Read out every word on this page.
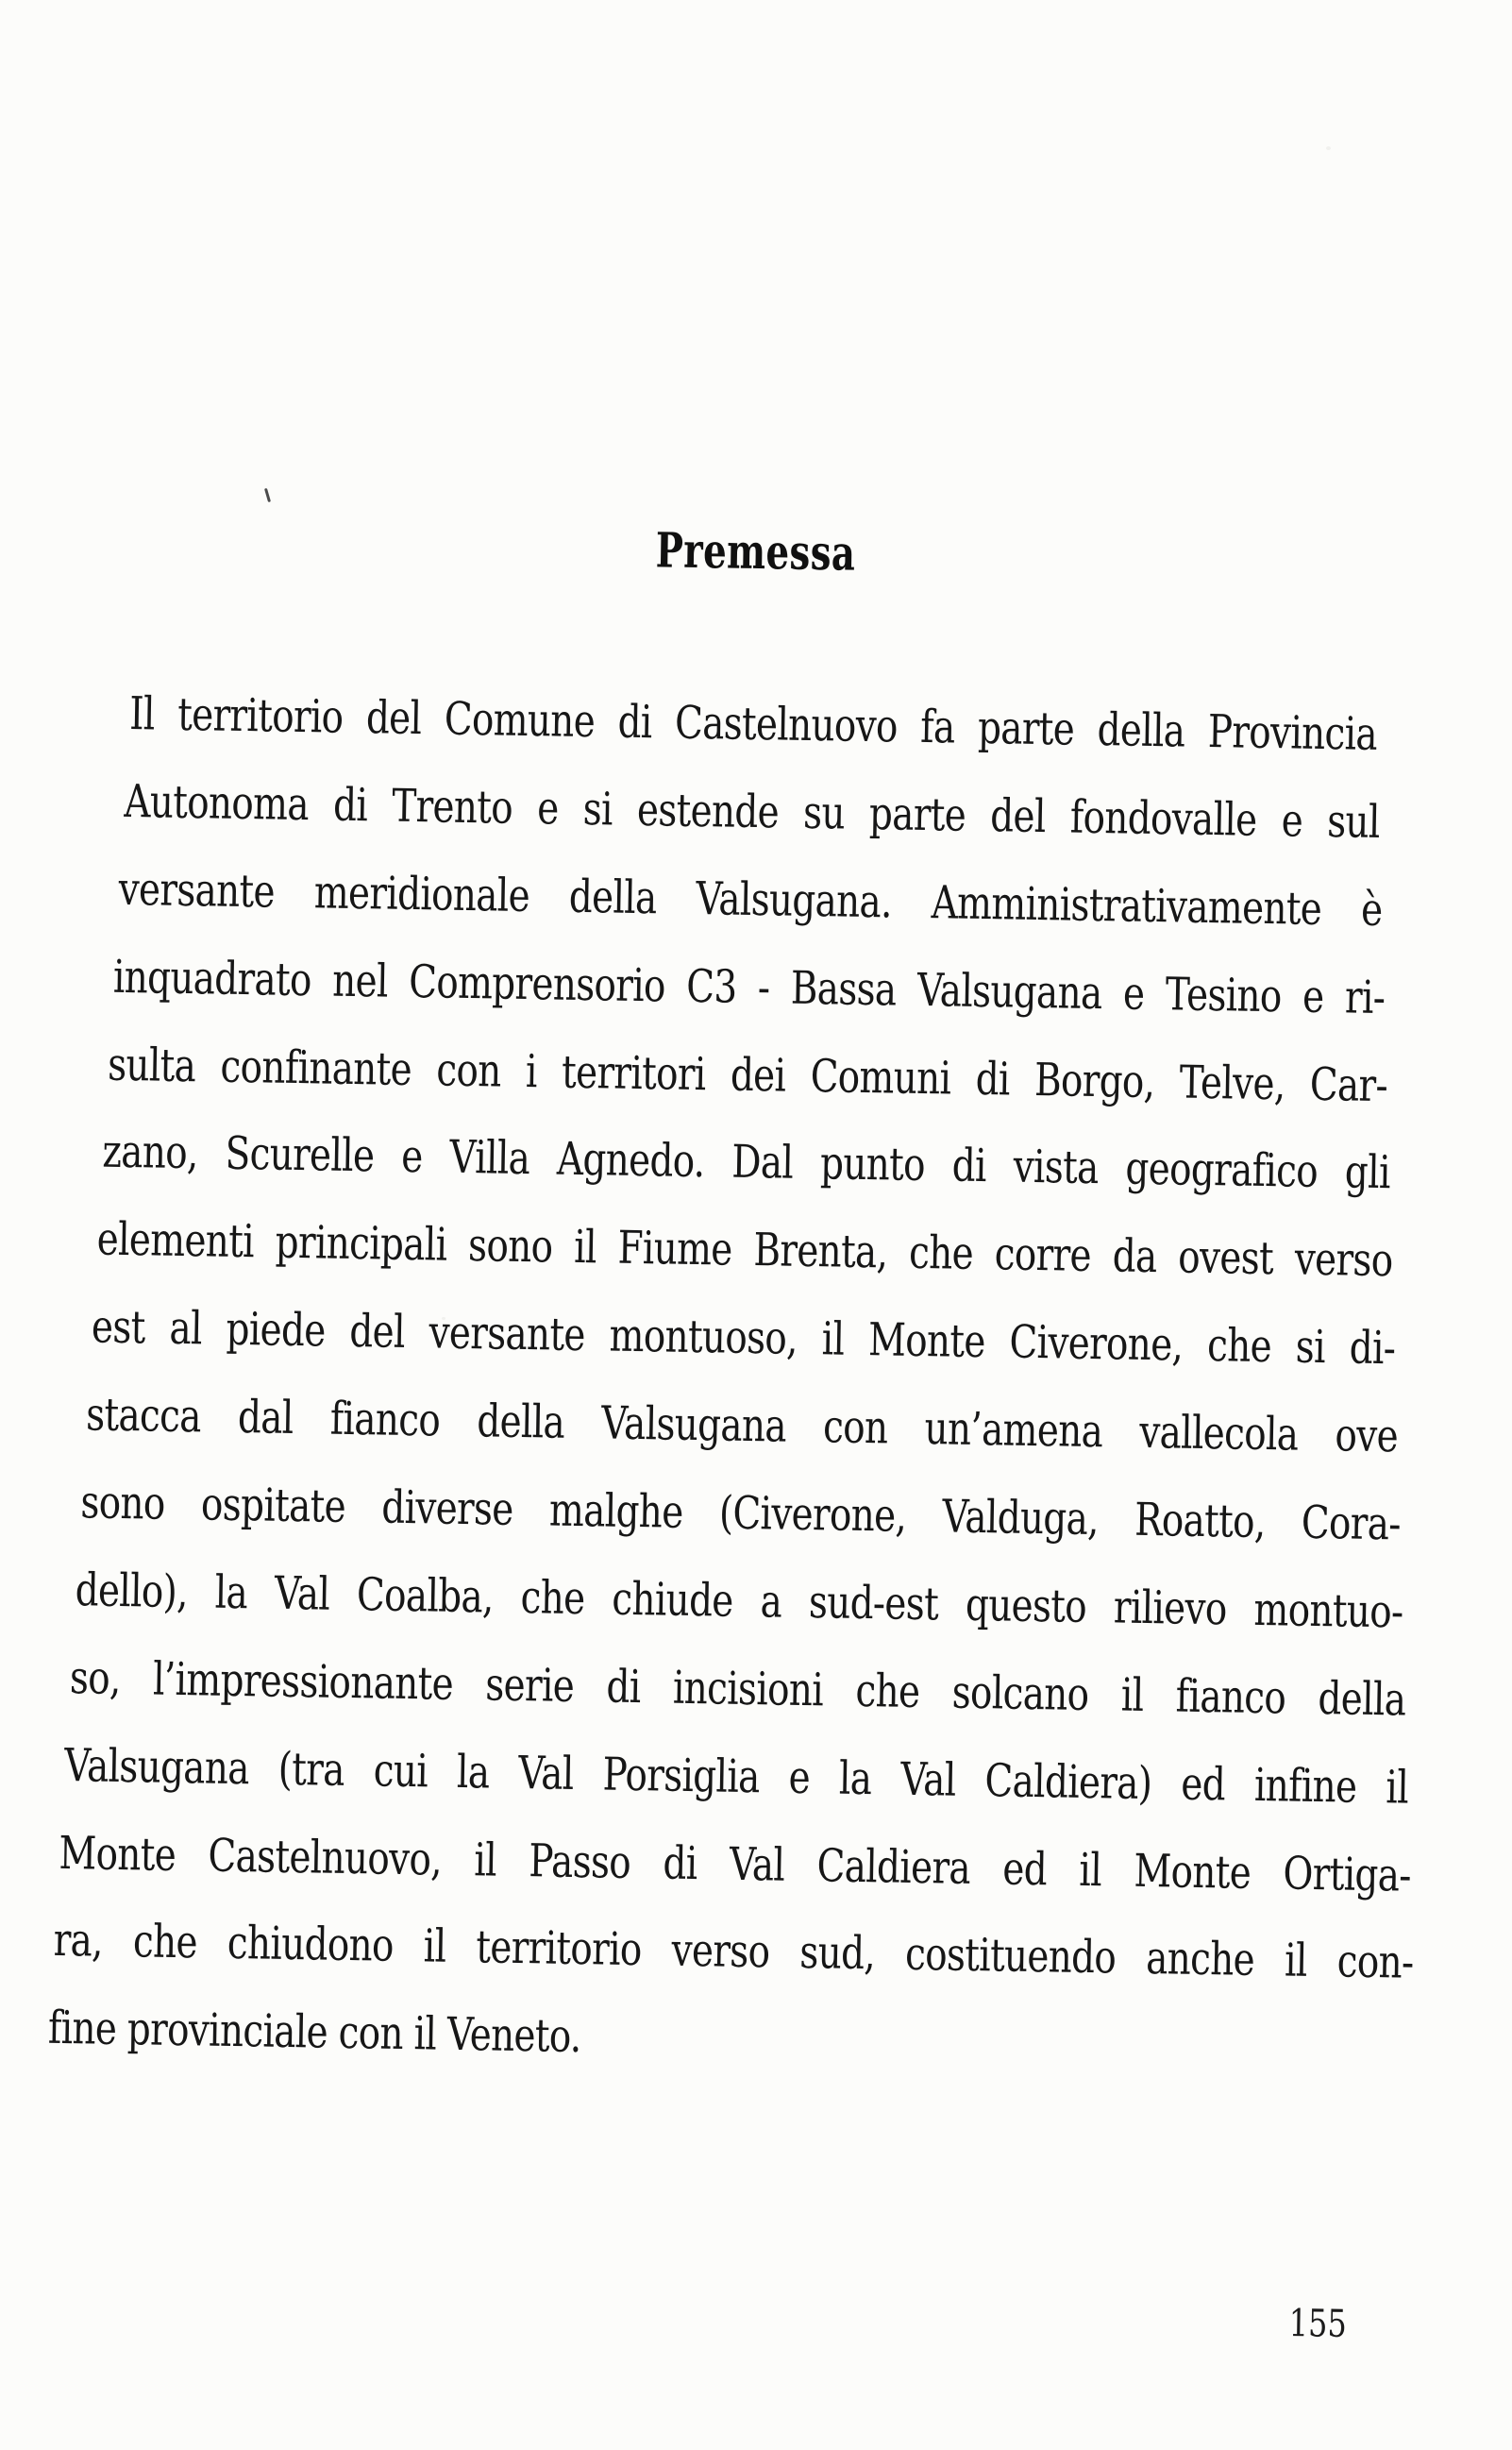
Premessa
Il territorio del Comune di Castelnuovo fa parte della Provincia
Autonoma di Trento e si estende su parte del fondovalle e sul
versante meridionale della Valsugana. Amministrativamente è
inquadrato nel Comprensorio C3 - Bassa Valsugana e Tesino e ri-
sulta confinante con i territori dei Comuni di Borgo, Telve, Car-
zano, Scurelle e Villa Agnedo. Dal punto di vista geografico gli
elementi principali sono il Fiume Brenta, che corre da ovest verso
est al piede del versante montuoso, il Monte Civerone, che si di-
stacca dal fianco della Valsugana con un’amena vallecola ove
sono ospitate diverse malghe (Civerone, Valduga, Roatto, Cora-
dello), la Val Coalba, che chiude a sud-est questo rilievo montuo-
so, l’impressionante serie di incisioni che solcano il fianco della
Valsugana (tra cui la Val Porsiglia e la Val Caldiera) ed infine il
Monte Castelnuovo, il Passo di Val Caldiera ed il Monte Ortiga-
ra, che chiudono il territorio verso sud, costituendo anche il con-
fine provinciale con il Veneto.
155
